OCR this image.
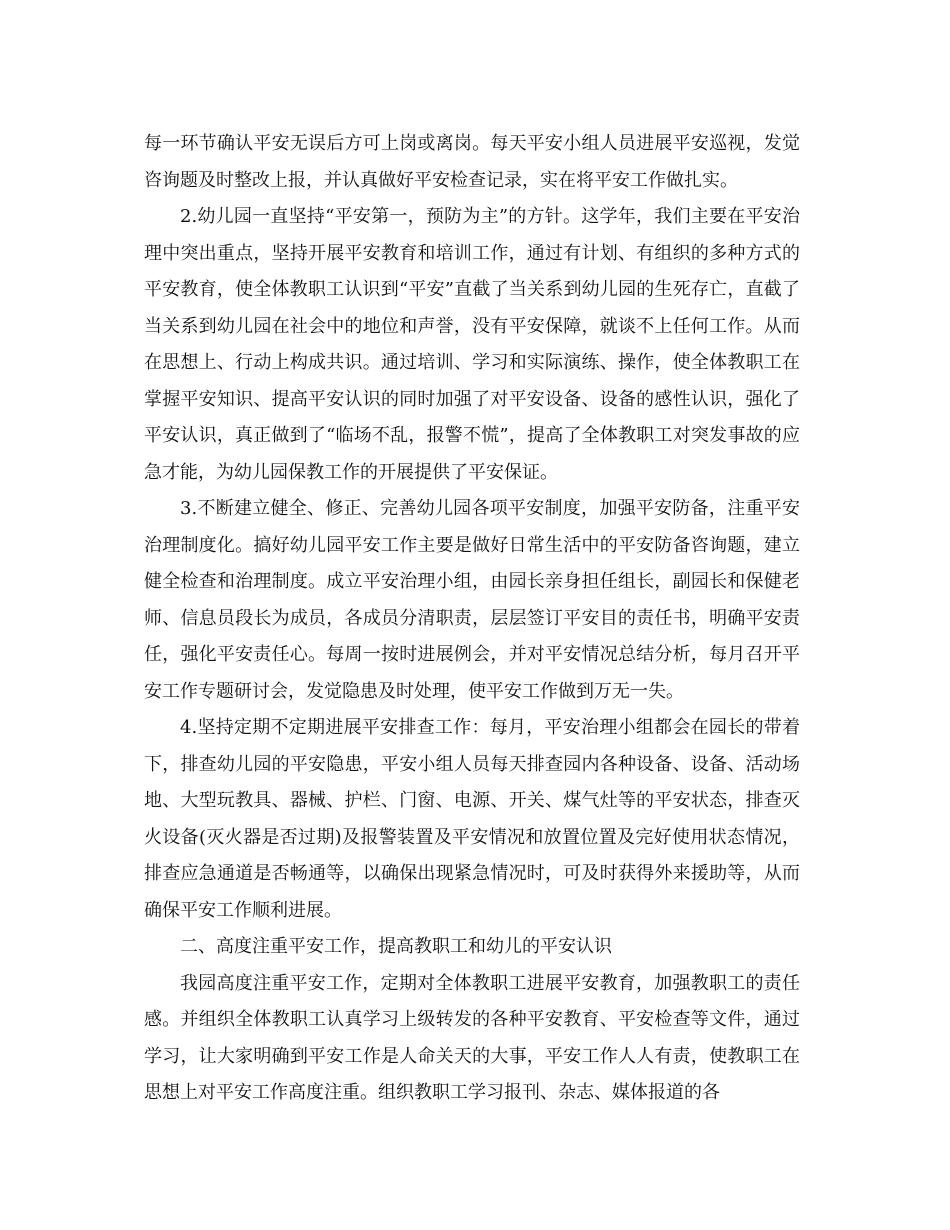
每一环节确认平安无误后方可上岗或离岗。每天平安小组人员进展平安巡视，发觉咨询题及时整改上报，并认真做好平安检查记录，实在将平安工作做扎实。

2.幼儿园一直坚持“平安第一，预防为主”的方针。这学年，我们主要在平安治理中突出重点，坚持开展平安教育和培训工作，通过有计划、有组织的多种方式的平安教育，使全体教职工认识到“平安”直截了当关系到幼儿园的生死存亡，直截了当关系到幼儿园在社会中的地位和声誉，没有平安保障，就谈不上任何工作。从而在思想上、行动上构成共识。通过培训、学习和实际演练、操作，使全体教职工在掌握平安知识、提高平安认识的同时加强了对平安设备、设备的感性认识，强化了平安认识，真正做到了“临场不乱，报警不慌”，提高了全体教职工对突发事故的应急才能，为幼儿园保教工作的开展提供了平安保证。

3.不断建立健全、修正、完善幼儿园各项平安制度，加强平安防备，注重平安治理制度化。搞好幼儿园平安工作主要是做好日常生活中的平安防备咨询题，建立健全检查和治理制度。成立平安治理小组，由园长亲身担任组长，副园长和保健老师、信息员段长为成员，各成员分清职责，层层签订平安目的责任书，明确平安责任，强化平安责任心。每周一按时进展例会，并对平安情况总结分析，每月召开平安工作专题研讨会，发觉隐患及时处理，使平安工作做到万无一失。

4.坚持定期不定期进展平安排查工作：每月，平安治理小组都会在园长的带着下，排查幼儿园的平安隐患，平安小组人员每天排查园内各种设备、设备、活动场地、大型玩教具、器械、护栏、门窗、电源、开关、煤气灶等的平安状态，排查灭火设备(灭火器是否过期)及报警装置及平安情况和放置位置及完好使用状态情况，排查应急通道是否畅通等，以确保出现紧急情况时，可及时获得外来援助等，从而确保平安工作顺利进展。

二、高度注重平安工作，提高教职工和幼儿的平安认识

我园高度注重平安工作，定期对全体教职工进展平安教育，加强教职工的责任感。并组织全体教职工认真学习上级转发的各种平安教育、平安检查等文件，通过学习，让大家明确到平安工作是人命关天的大事，平安工作人人有责，使教职工在思想上对平安工作高度注重。组织教职工学习报刊、杂志、媒体报道的各
